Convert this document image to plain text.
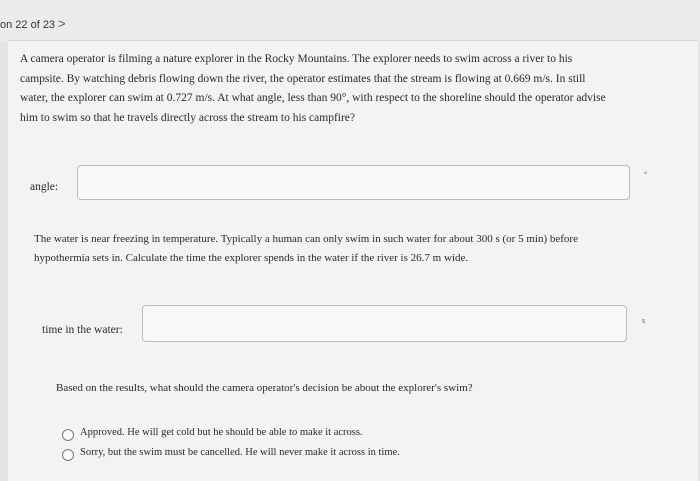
on 22 of 23 >
A camera operator is filming a nature explorer in the Rocky Mountains. The explorer needs to swim across a river to his
campsite. By watching debris flowing down the river, the operator estimates that the stream is flowing at 0.669 m/s. In still
water, the explorer can swim at 0.727 m/s. At what angle, less than 90°, with respect to the shoreline should the operator advise
him to swim so that he travels directly across the stream to his campfire?
angle:
°
The water is near freezing in temperature. Typically a human can only swim in such water for about 300 s (or 5 min) before
hypothermia sets in. Calculate the time the explorer spends in the water if the river is 26.7 m wide.
time in the water:
s
Based on the results, what should the camera operator's decision be about the explorer's swim?
Approved. He will get cold but he should be able to make it across.
Sorry, but the swim must be cancelled. He will never make it across in time.
